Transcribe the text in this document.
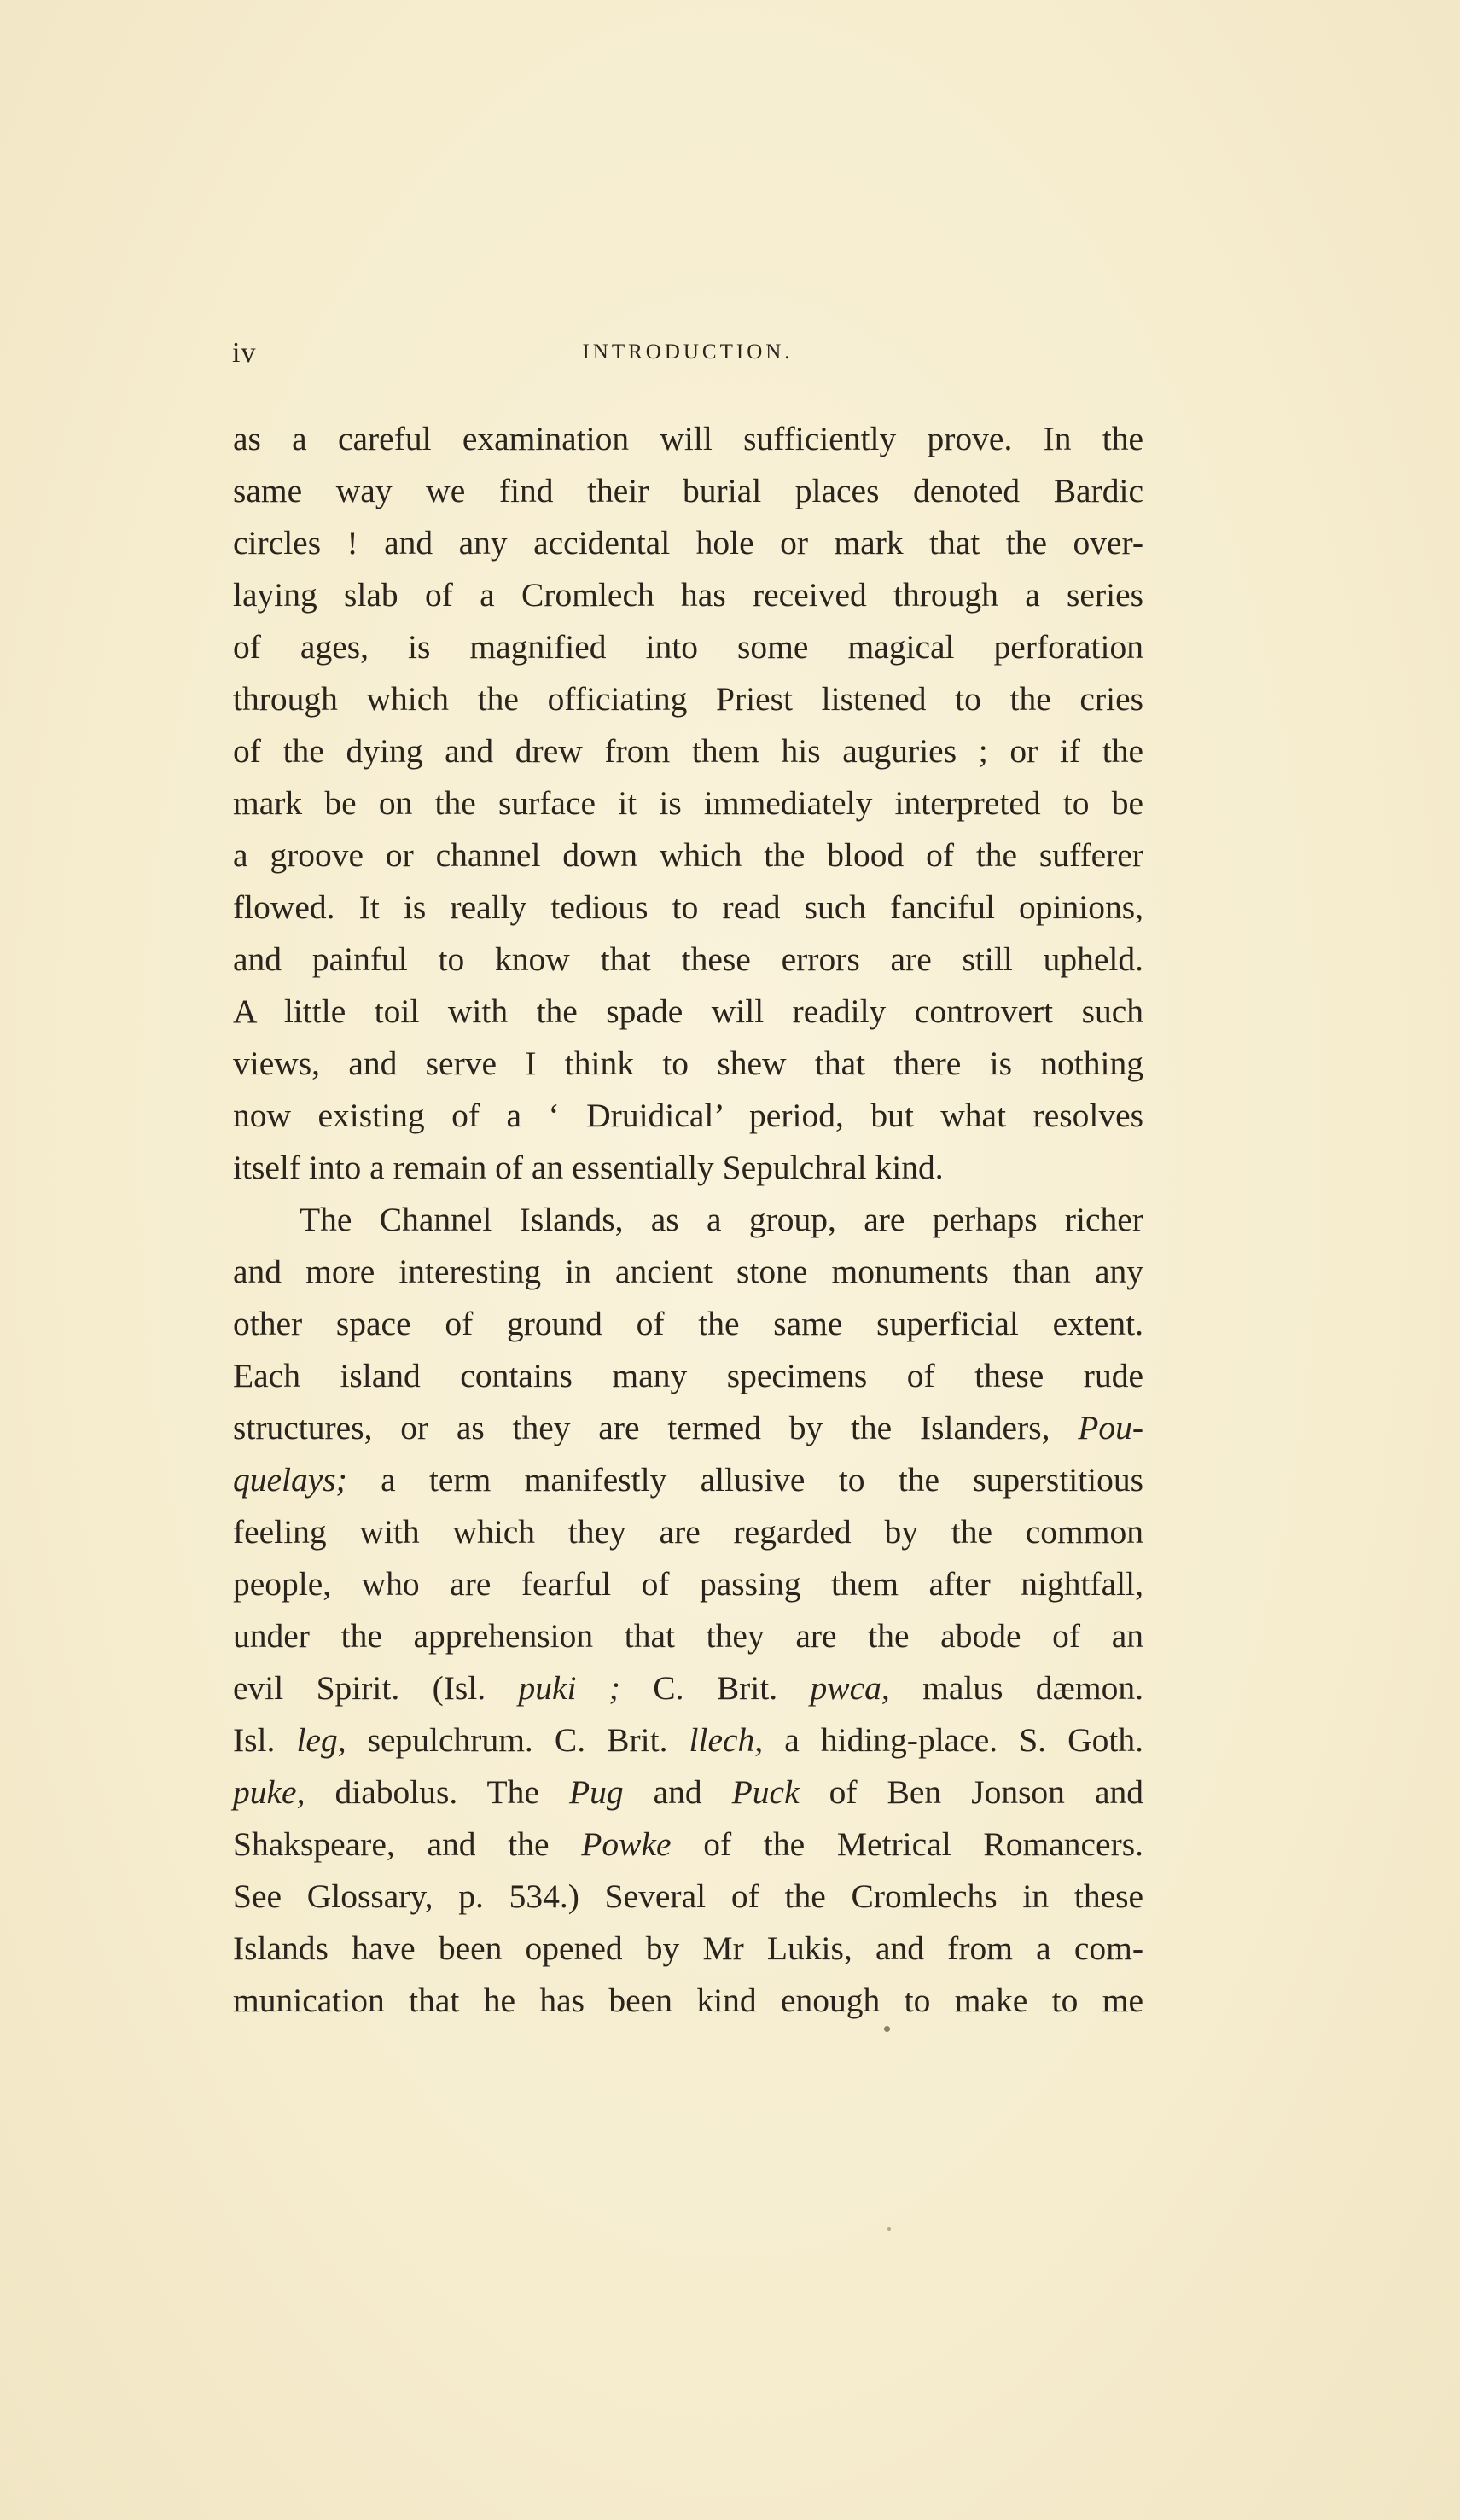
iv	INTRODUCTION.
as a careful examination will sufficiently prove. In the
same way we find their burial places denoted Bardic
circles ! and any accidental hole or mark that the over-
laying slab of a Cromlech has received through a series
of ages, is magnified into some magical perforation
through which the officiating Priest listened to the cries
of the dying and drew from them his auguries ; or if the
mark be on the surface it is immediately interpreted to be
a groove or channel down which the blood of the sufferer
flowed. It is really tedious to read such fanciful opinions,
and painful to know that these errors are still upheld.
A little toil with the spade will readily controvert such
views, and serve I think to shew that there is nothing
now existing of a ‘ Druidical’ period, but what resolves
itself into a remain of an essentially Sepulchral kind.
The Channel Islands, as a group, are perhaps richer
and more interesting in ancient stone monuments than any
other space of ground of the same superficial extent.
Each island contains many specimens of these rude
structures, or as they are termed by the Islanders, Pou-
quelays; a term manifestly allusive to the superstitious
feeling with which they are regarded by the common
people, who are fearful of passing them after nightfall,
under the apprehension that they are the abode of an
evil Spirit. (Isl. puki ; C. Brit. pwca, malus dæmon.
Isl. leg, sepulchrum. C. Brit. llech, a hiding-place. S. Goth.
puke, diabolus. The Pug and Puck of Ben Jonson and
Shakspeare, and the Powke of the Metrical Romancers.
See Glossary, p. 534.) Several of the Cromlechs in these
Islands have been opened by Mr Lukis, and from a com-
munication that he has been kind enough to make to me
